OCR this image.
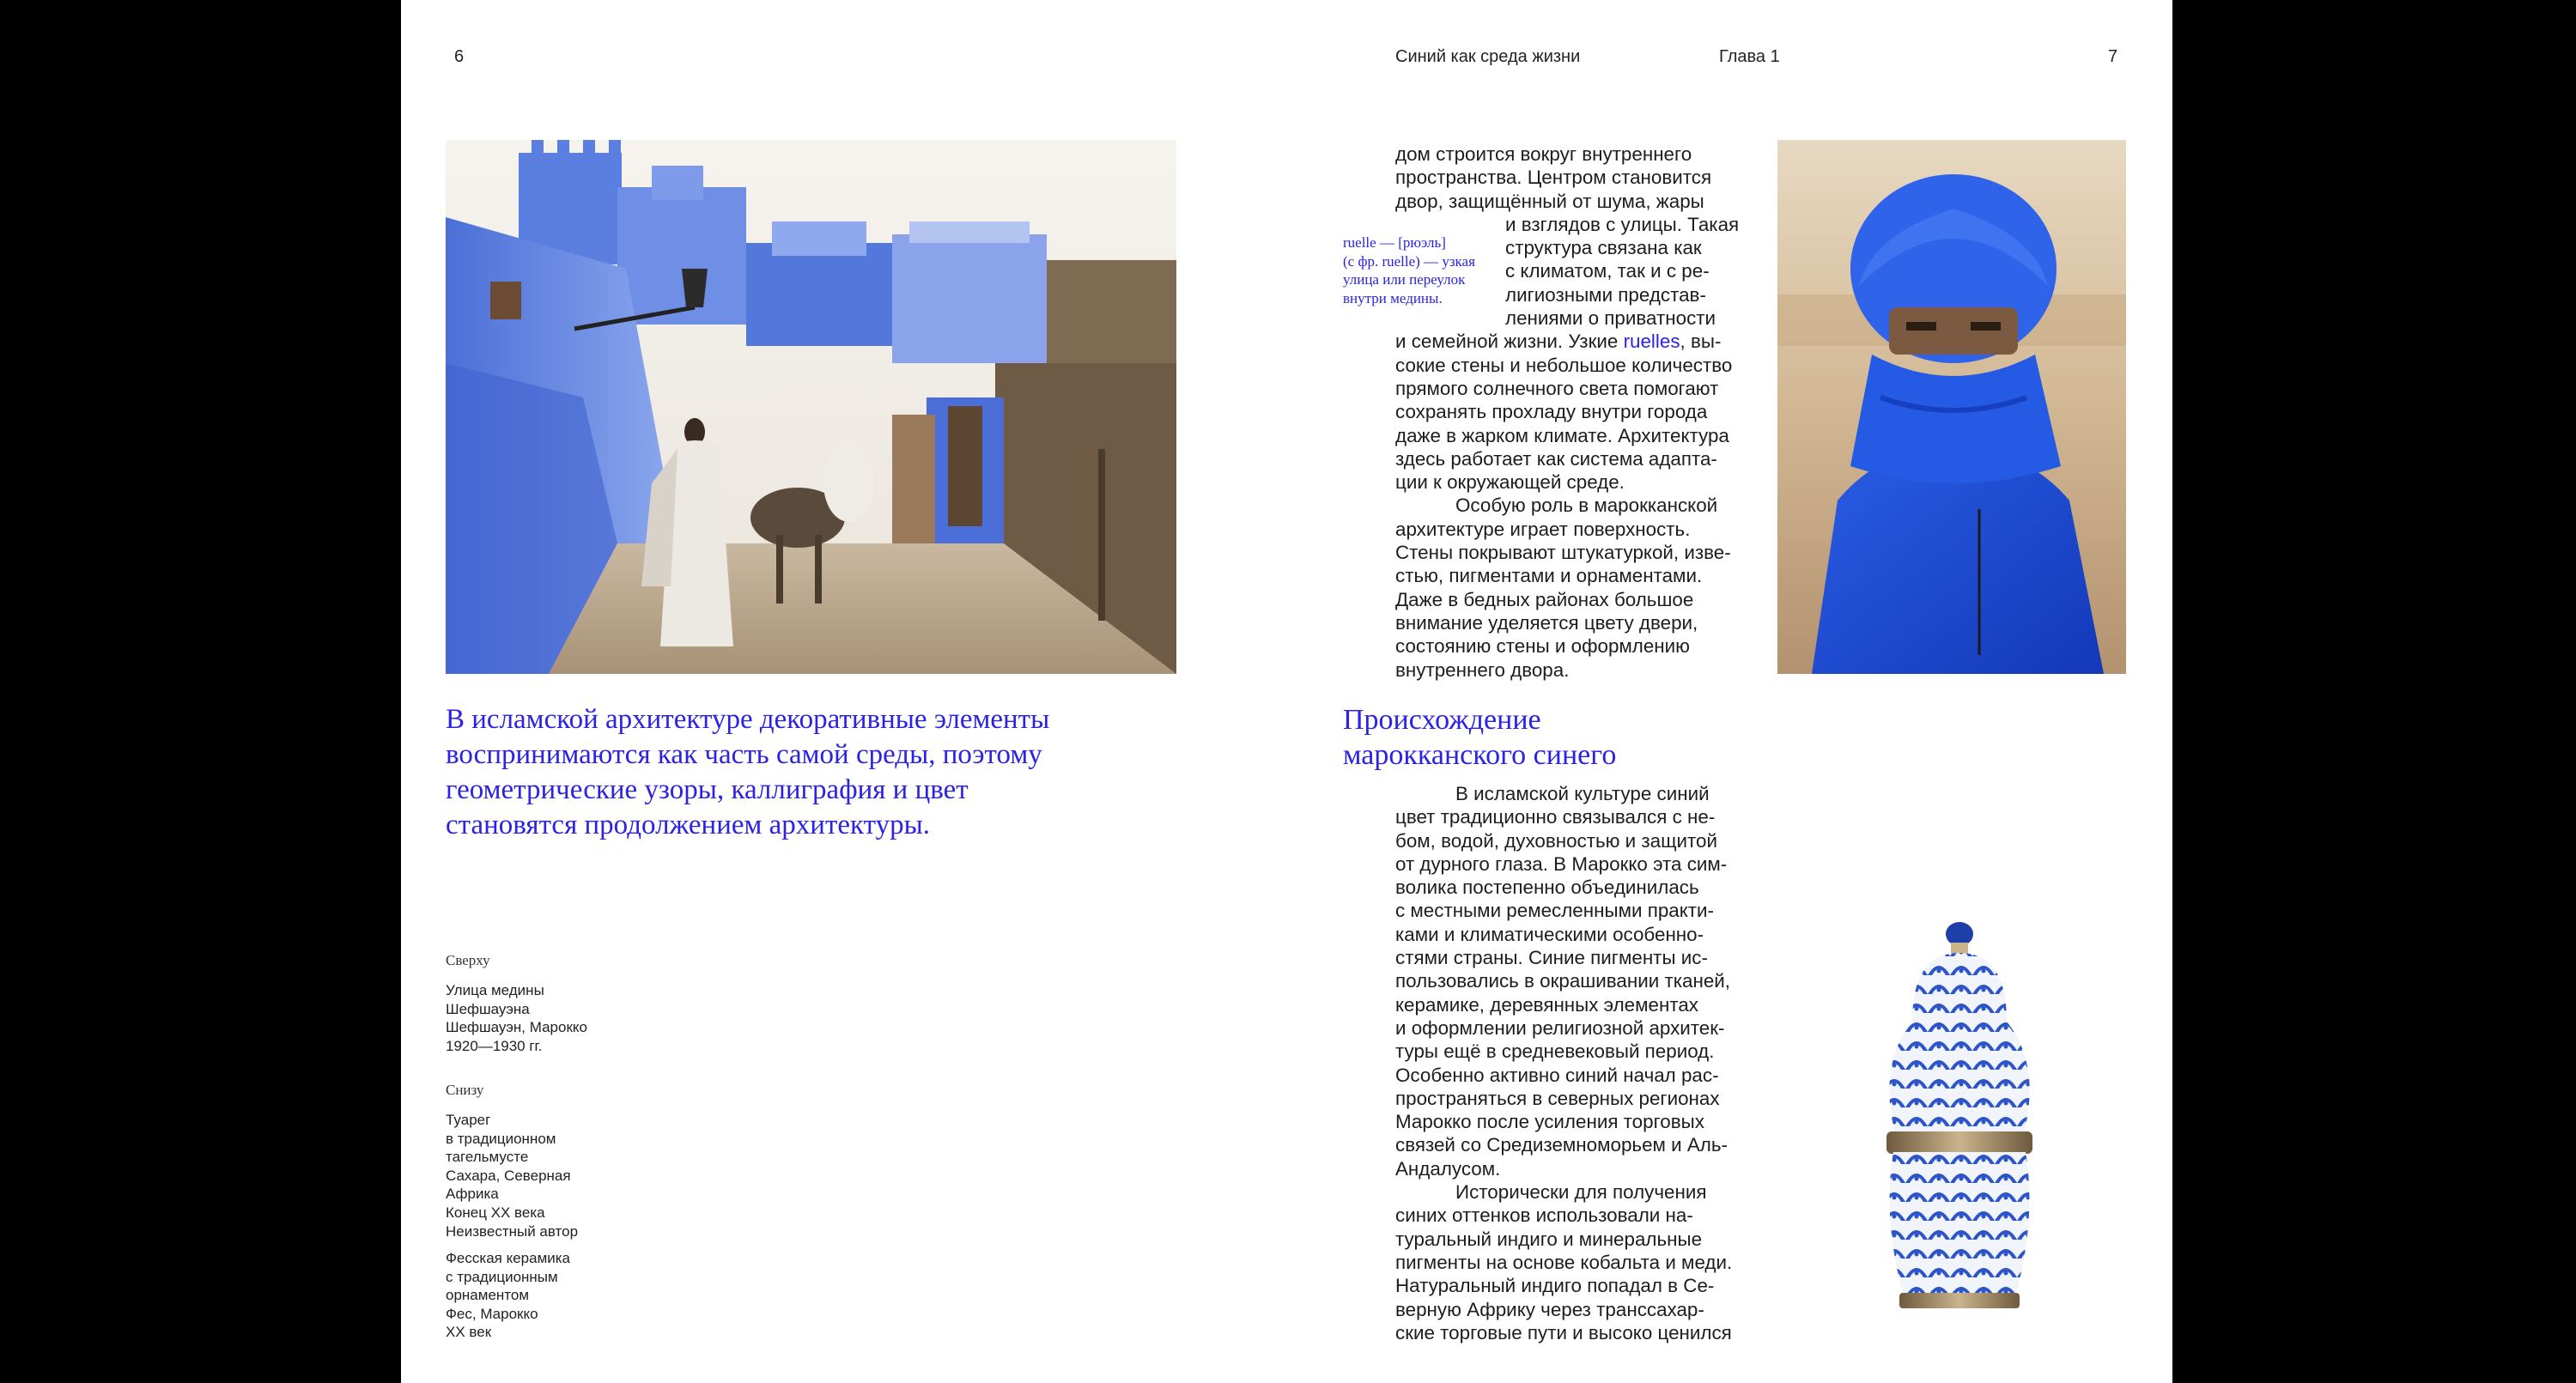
6	Синий как среда жизни	Глава 1	7
В исламской архитектуре декоративные элементы
воспринимаются как часть самой среды, поэтому
геометрические узоры, каллиграфия и цвет
становятся продолжением архитектуры.
Сверху
Улица медины
Шефшауэна
Шефшауэн, Марокко
1920—1930 гг.
Снизу
Туарег
в традиционном
тагельмусте
Сахара, Северная
Африка
Конец XX века
Неизвестный автор
Фесская керамика
с традиционным
орнаментом
Фес, Марокко
XX век
ruelle — [рюэль]
(с фр. ruelle) — узкая
улица или переулок
внутри медины.
дом строится вокруг внутреннего
пространства. Центром становится
двор, защищённый от шума, жары
и взглядов с улицы. Такая
структура связана как
с климатом, так и с ре-
лигиозными представ-
лениями о приватности
и семейной жизни. Узкие ruelles, вы-
сокие стены и небольшое количество
прямого солнечного света помогают
сохранять прохладу внутри города
даже в жарком климате. Архитектура
здесь работает как система адапта-
ции к окружающей среде.
Особую роль в марокканской
архитектуре играет поверхность.
Стены покрывают штукатуркой, изве-
стью, пигментами и орнаментами.
Даже в бедных районах большое
внимание уделяется цвету двери,
состоянию стены и оформлению
внутреннего двора.
Происхождение
марокканского синего
В исламской культуре синий
цвет традиционно связывался с не-
бом, водой, духовностью и защитой
от дурного глаза. В Марокко эта сим-
волика постепенно объединилась
с местными ремесленными практи-
ками и климатическими особенно-
стями страны. Синие пигменты ис-
пользовались в окрашивании тканей,
керамике, деревянных элементах
и оформлении религиозной архитек-
туры ещё в средневековый период.
Особенно активно синий начал рас-
пространяться в северных регионах
Марокко после усиления торговых
связей со Средиземноморьем и Аль-
Андалусом.
Исторически для получения
синих оттенков использовали на-
туральный индиго и минеральные
пигменты на основе кобальта и меди.
Натуральный индиго попадал в Се-
верную Африку через транссахар-
ские торговые пути и высоко ценился
